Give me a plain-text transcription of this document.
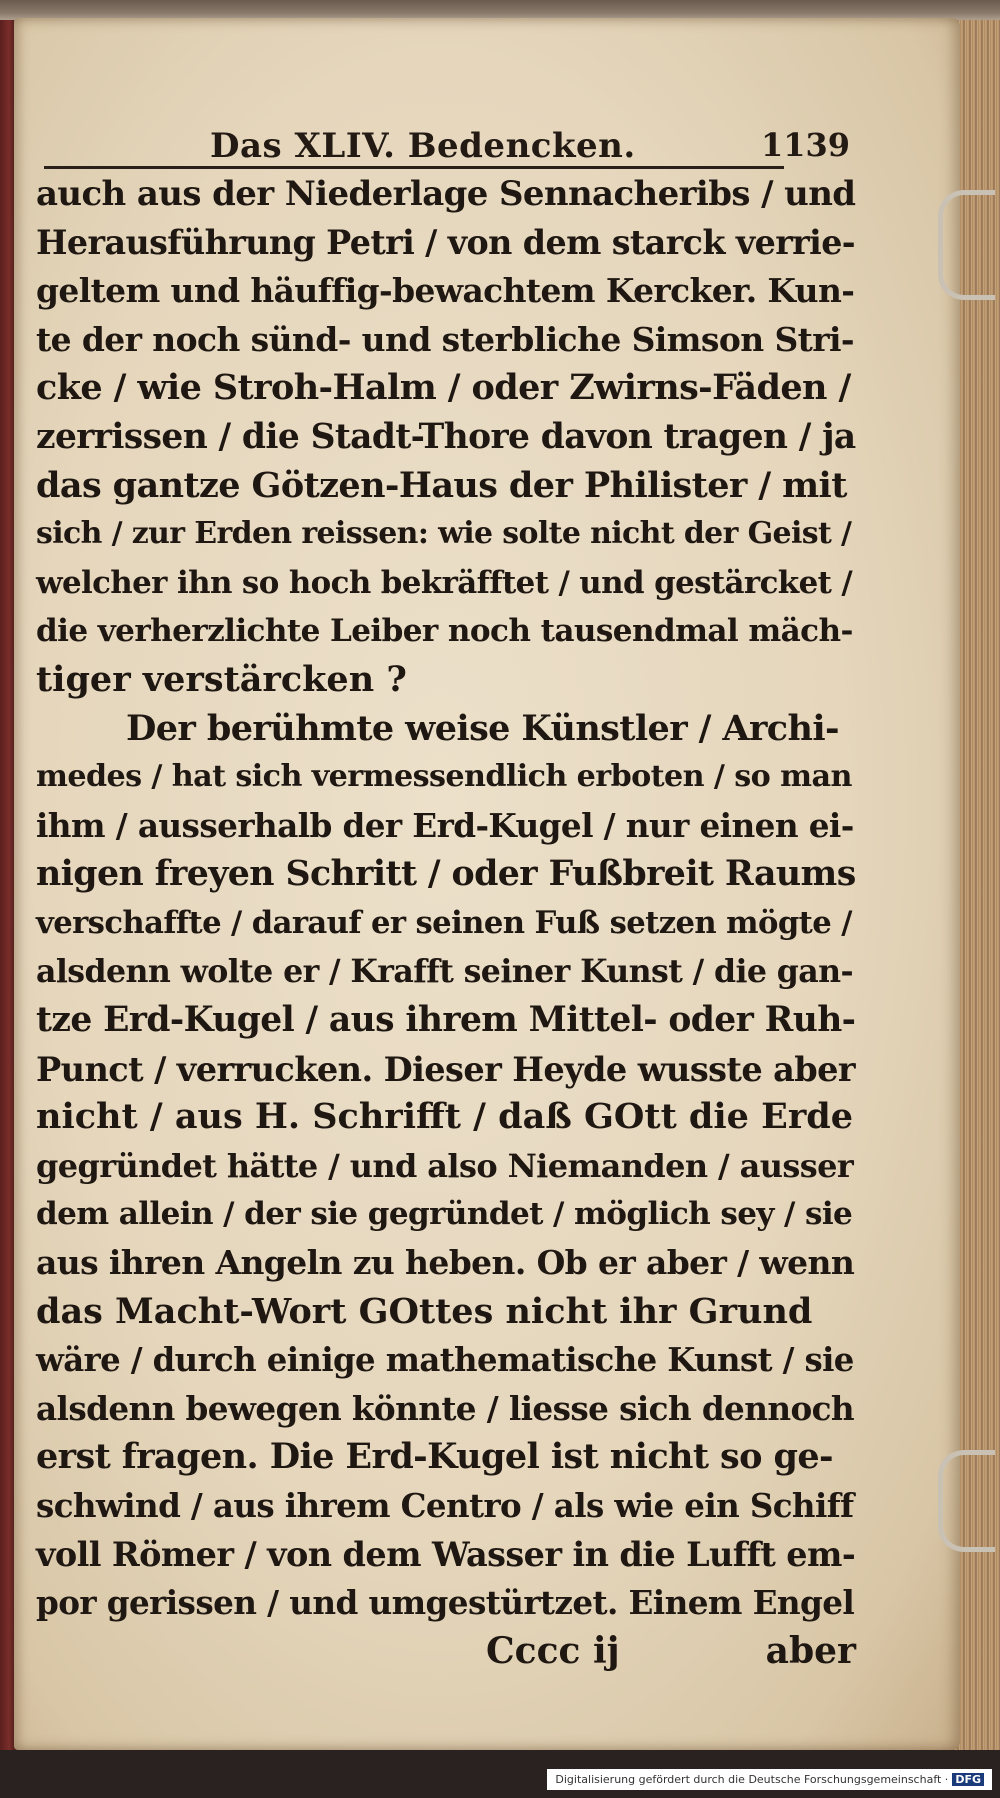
Das XLIV. Bedencken.	1139
auch aus der Niederlage Sennacheribs / und
Herausführung Petri / von dem starck verrie-
geltem und häuffig-bewachtem Kercker. Kun-
te der noch sünd- und sterbliche Simson Stri-
cke / wie Stroh-Halm / oder Zwirns-Fäden /
zerrissen / die Stadt-Thore davon tragen / ja
das gantze Götzen-Haus der Philister / mit
sich / zur Erden reissen: wie solte nicht der Geist /
welcher ihn so hoch bekräfftet / und gestärcket /
die verherzlichte Leiber noch tausendmal mäch-
tiger verstärcken ?
Der berühmte weise Künstler / Archi-
medes / hat sich vermessendlich erboten / so man
ihm / ausserhalb der Erd-Kugel / nur einen ei-
nigen freyen Schritt / oder Fußbreit Raums
verschaffte / darauf er seinen Fuß setzen mögte /
alsdenn wolte er / Krafft seiner Kunst / die gan-
tze Erd-Kugel / aus ihrem Mittel- oder Ruh-
Punct / verrucken. Dieser Heyde wusste aber
nicht / aus H. Schrifft / daß GOtt die Erde
gegründet hätte / und also Niemanden / ausser
dem allein / der sie gegründet / möglich sey / sie
aus ihren Angeln zu heben. Ob er aber / wenn
das Macht-Wort GOttes nicht ihr Grund
wäre / durch einige mathematische Kunst / sie
alsdenn bewegen könnte / liesse sich dennoch
erst fragen. Die Erd-Kugel ist nicht so ge-
schwind / aus ihrem Centro / als wie ein Schiff
voll Römer / von dem Wasser in die Lufft em-
por gerissen / und umgestürtzet. Einem Engel
Cccc ij	aber
Digitalisierung gefördert durch die Deutsche Forschungsgemeinschaft · DFG
